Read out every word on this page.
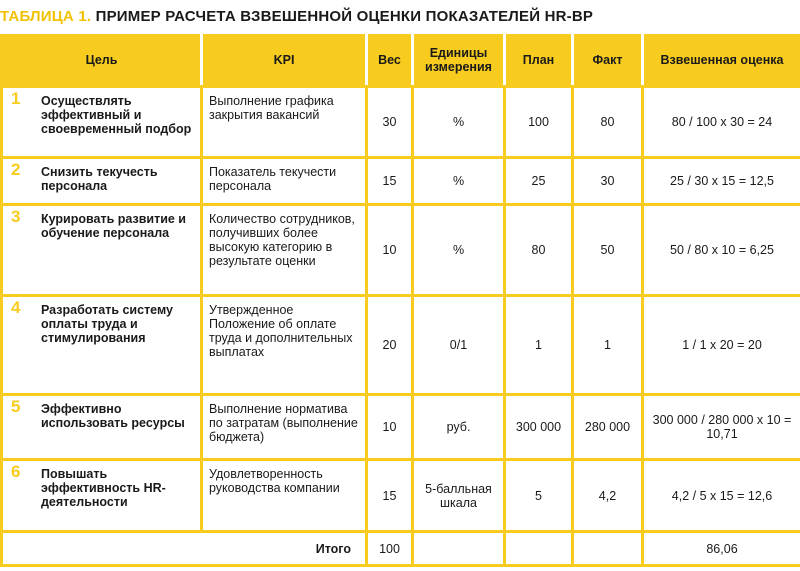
ТАБЛИЦА 1. ПРИМЕР РАСЧЕТА ВЗВЕШЕННОЙ ОЦЕНКИ ПОКАЗАТЕЛЕЙ HR-BP
Цель	KPI	Вес	Единицы измерения	План	Факт	Взвешенная оценка

1 Осуществлять эффективный и своевременный подбор	Выполнение графика закрытия вакансий	30	%	100	80	80 / 100 x 30 = 24

2 Снизить текучесть персонала	Показатель текучести персонала	15	%	25	30	25 / 30 x 15 = 12,5

3 Курировать развитие и обучение персонала	Количество сотрудников, получивших более высокую категорию в результате оценки	10	%	80	50	50 / 80 x 10 = 6,25

4 Разработать систему оплаты труда и стимулирования	Утвержденное Положение об оплате труда и дополнительных выплатах	20	0/1	1	1	1 / 1 x 20 = 20

5 Эффективно использовать ресурсы	Выполнение норматива по затратам (выполнение бюджета)	10	руб.	300 000	280 000	300 000 / 280 000 x 10 = 10,71

6 Повышать эффективность HR-деятельности	Удовлетворенность руководства компании	15	5-балльная шкала	5	4,2	4,2 / 5 x 15 = 12,6
Итого		100				86,06
